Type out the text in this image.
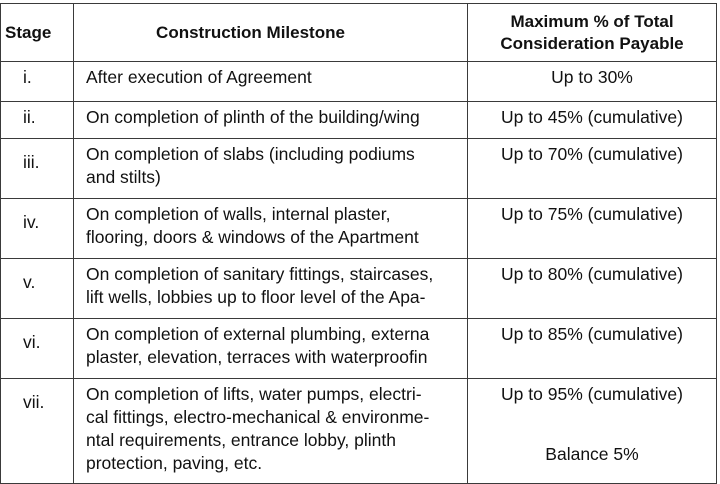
Stage	Construction Milestone	Maximum % of Total
Consideration Payable

i.	After execution of Agreement	Up to 30%

ii.	On completion of plinth of the building/wing	Up to 45% (cumulative)

iii.	On completion of slabs (including podiums
and stilts)	Up to 70% (cumulative)

iv.	On completion of walls, internal plaster,
flooring, doors & windows of the Apartment	Up to 75% (cumulative)

v.	On completion of sanitary fittings, staircases,
lift wells, lobbies up to floor level of the Apa-	Up to 80% (cumulative)

vi.	On completion of external plumbing, externa
plaster, elevation, terraces with waterproofin	Up to 85% (cumulative)

vii.	On completion of lifts, water pumps, electri-
cal fittings, electro-mechanical & environme-
ntal requirements, entrance lobby, plinth
protection, paving, etc.	Up to 95% (cumulative)
Balance 5%
